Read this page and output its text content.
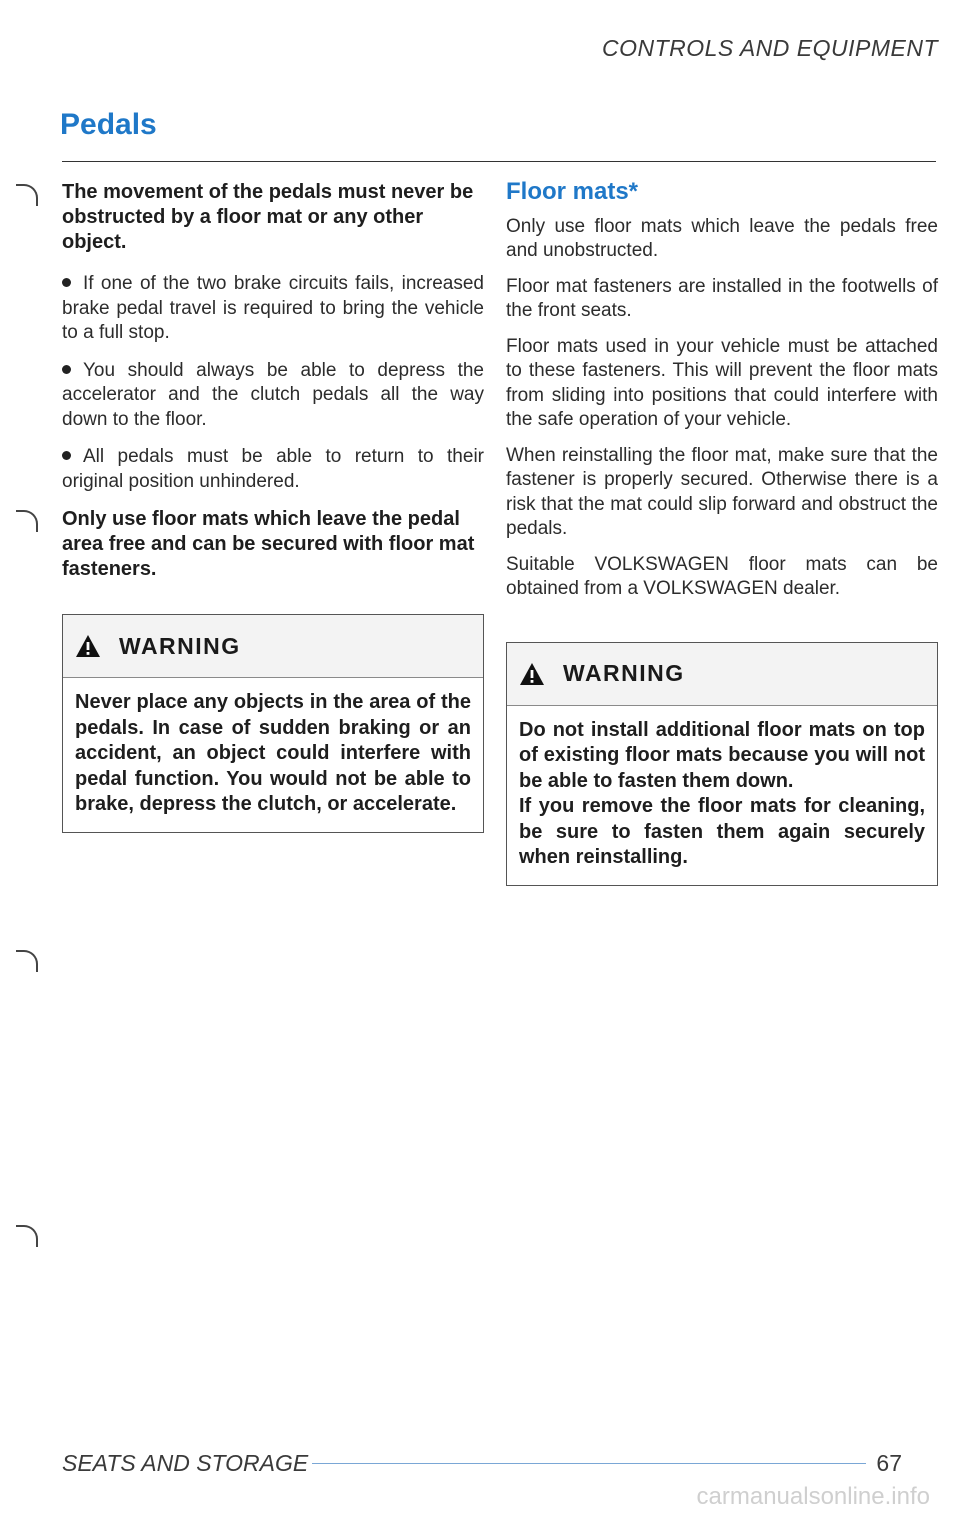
CONTROLS AND EQUIPMENT
Pedals

The movement of the pedals must never be obstructed by a floor mat or any other object.

If one of the two brake circuits fails, increased brake pedal travel is required to bring the vehicle to a full stop.

You should always be able to depress the accelerator and the clutch pedals all the way down to the floor.

All pedals must be able to return to their original position unhindered.

Only use floor mats which leave the pedal area free and can be secured with floor mat fasteners.

WARNING

Never place any objects in the area of the pedals. In case of sudden braking or an accident, an object could interfere with pedal function. You would not be able to brake, depress the clutch, or accelerate.

Floor mats*

Only use floor mats which leave the pedals free and unobstructed.

Floor mat fasteners are installed in the footwells of the front seats.

Floor mats used in your vehicle must be attached to these fasteners. This will prevent the floor mats from sliding into positions that could interfere with the safe operation of your vehicle.

When reinstalling the floor mat, make sure that the fastener is properly secured. Otherwise there is a risk that the mat could slip forward and obstruct the pedals.

Suitable VOLKSWAGEN floor mats can be obtained from a VOLKSWAGEN dealer.

WARNING

Do not install additional floor mats on top of existing floor mats because you will not be able to fasten them down.

If you remove the floor mats for cleaning, be sure to fasten them again securely when reinstalling.

SEATS AND STORAGE	67
carmanualsonline.info
